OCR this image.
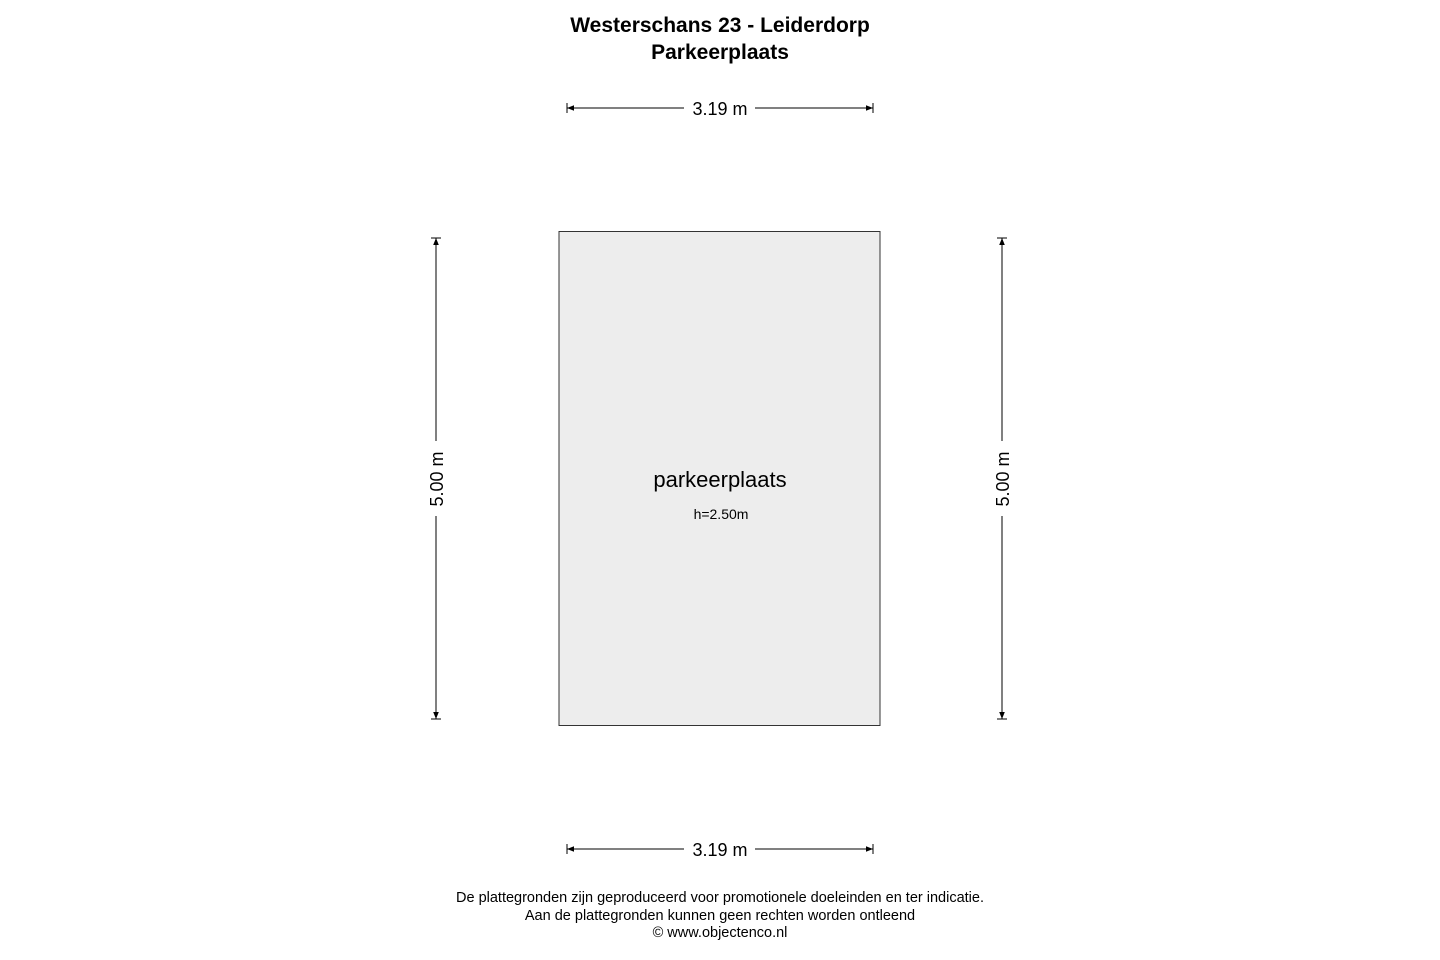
Westerschans 23 - Leiderdorp
Parkeerplaats
parkeerplaats
h=2.50m
3.19 m
3.19 m
5.00 m	5.00 m
De plattegronden zijn geproduceerd voor promotionele doeleinden en ter indicatie.
Aan de plattegronden kunnen geen rechten worden ontleend
© www.objectenco.nl
